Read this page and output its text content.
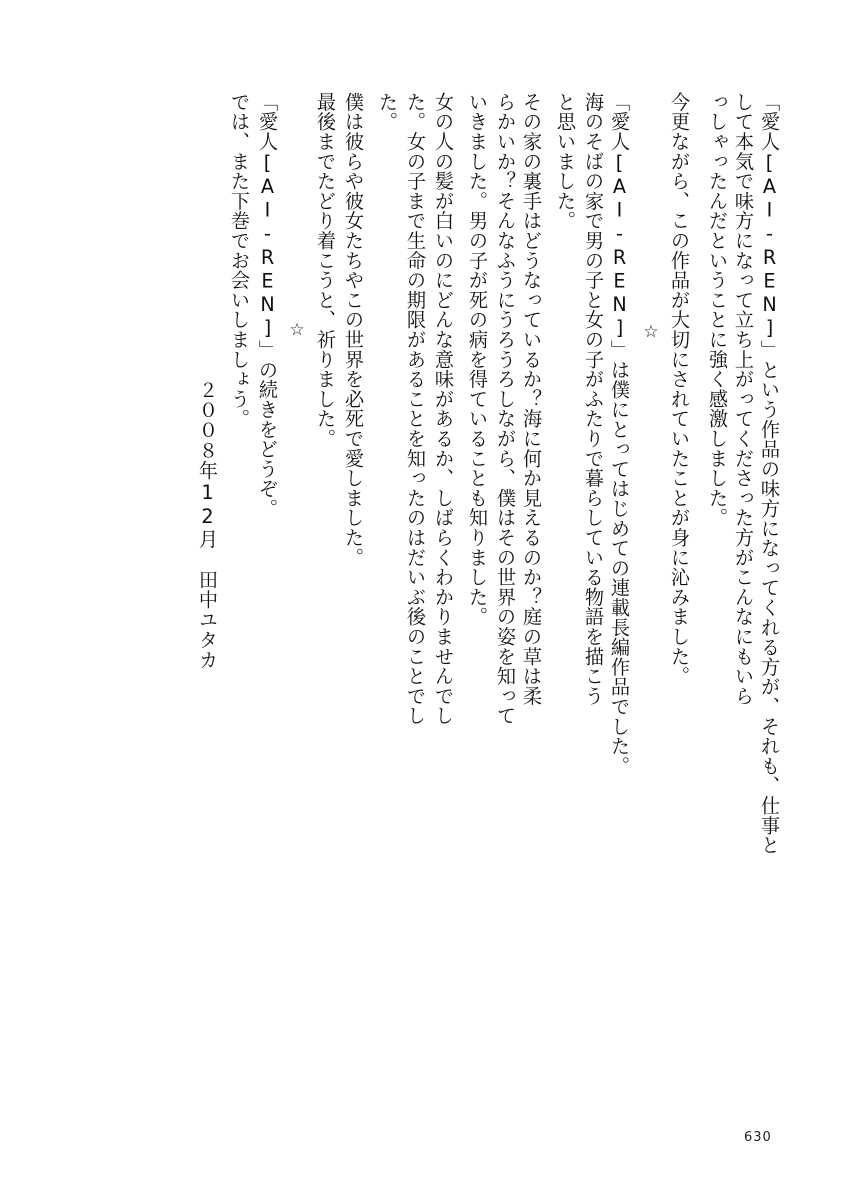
「愛人[AI-REN]」という作品の味方になってくれる方が、それも、仕事と

して本気で味方になって立ち上がってくださった方がこんなにもいら

っしゃったんだということに強く感激しました。

今更ながら、この作品が大切にされていたことが身に沁みました。

☆

「愛人[AI-REN]」は僕にとってはじめての連載長編作品でした。

海のそばの家で男の子と女の子がふたりで暮らしている物語を描こう

と思いました。

その家の裏手はどうなっているか？海に何か見えるのか？庭の草は柔

らかいか？そんなふうにうろうろしながら、僕はその世界の姿を知って

いきました。男の子が死の病を得ていることも知りました。

女の人の髪が白いのにどんな意味があるか、しばらくわかりませんでし

た。女の子まで生命の期限があることを知ったのはだいぶ後のことでし

た。

僕は彼らや彼女たちやこの世界を必死で愛しました。

最後までたどり着こうと、祈りました。

☆

「愛人[AI-REN]」の続きをどうぞ。

では、また下巻でお会いしましょう。

２００８年12月　田中ユタカ
630
